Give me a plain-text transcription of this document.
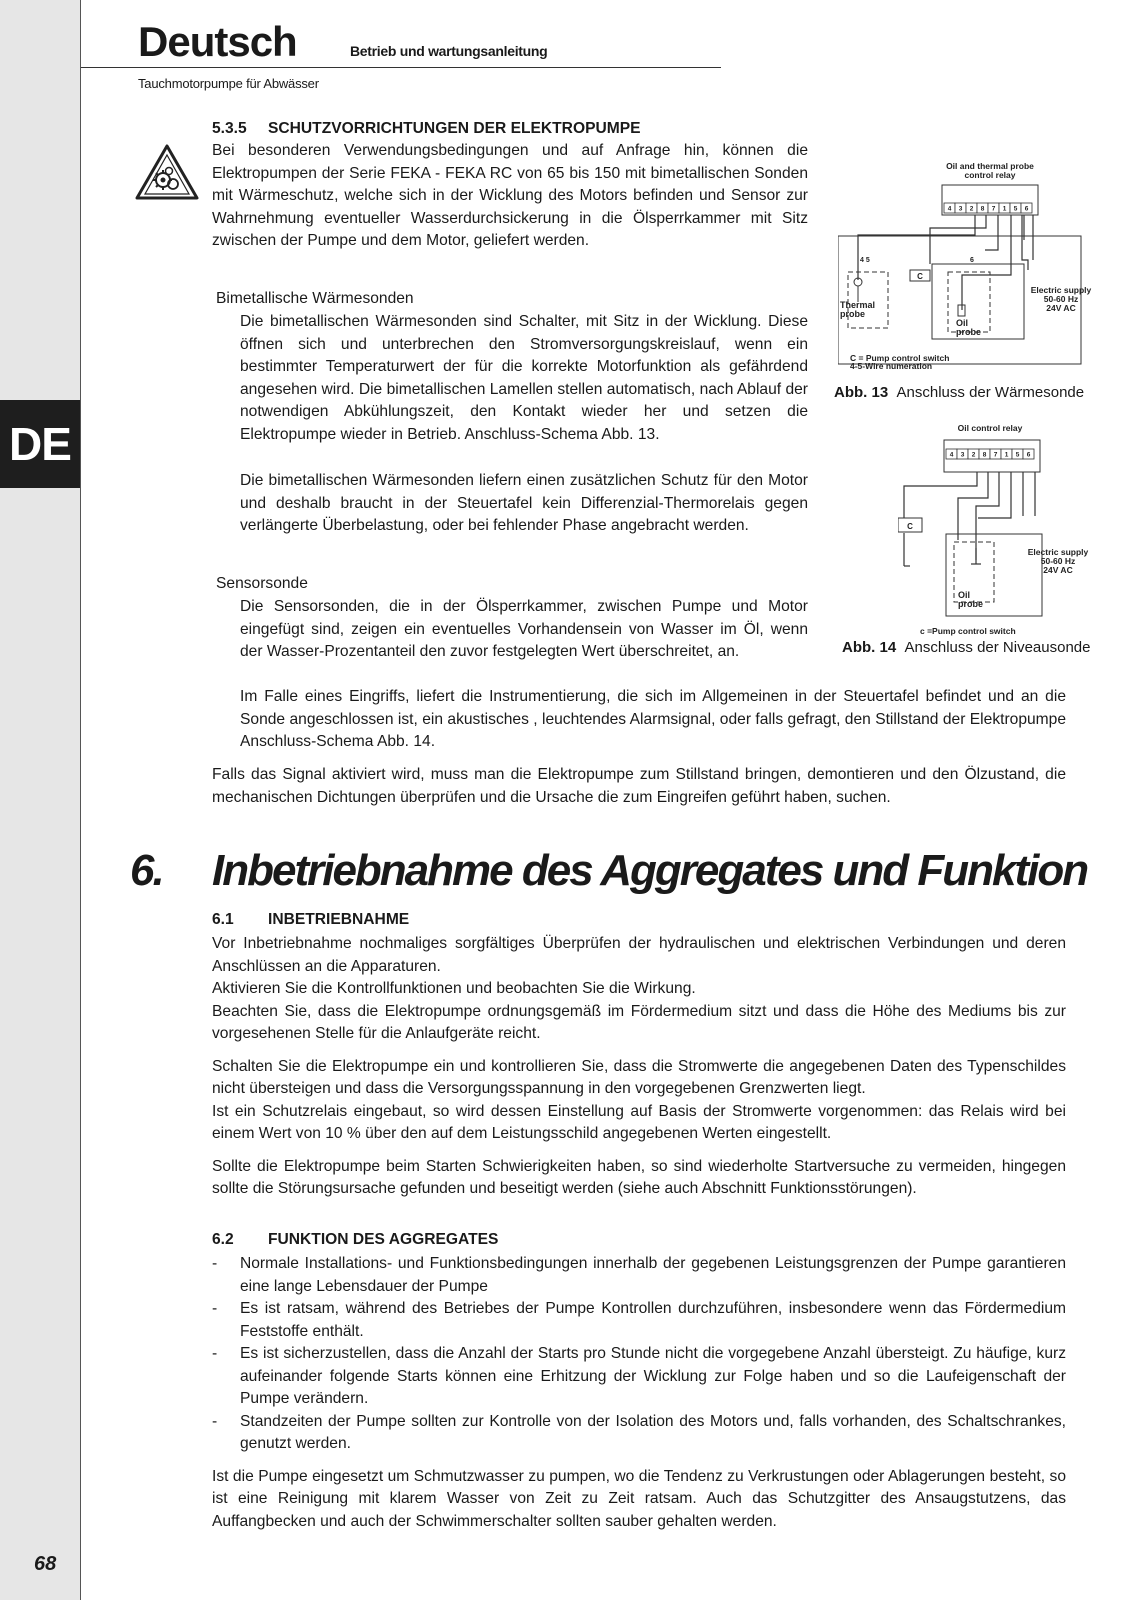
DE
68
Deutsch	Betrieb und wartungsanleitung
Tauchmotorpumpe für Abwässer
5.3.5 SCHUTZVORRICHTUNGEN DER ELEKTROPUMPE

Bei besonderen Verwendungsbedingungen und auf Anfrage hin, können die Elektropumpen der Serie FEKA - FEKA RC von 65 bis 150 mit bimetallischen Sonden mit Wärmeschutz, welche sich in der Wicklung des Motors befinden und Sensor zur Wahrnehmung eventueller Wasserdurchsickerung in die Ölsperrkammer mit Sitz zwischen der Pumpe und dem Motor, geliefert werden.

Bimetallische Wärmesonden

Die bimetallischen Wärmesonden sind Schalter, mit Sitz in der Wicklung. Diese öffnen sich und unterbrechen den Stromversorgungskreislauf, wenn ein bestimmter Temperaturwert der für die korrekte Motorfunktion als gefährdend angesehen wird. Die bimetallischen Lamellen stellen automatisch, nach Ablauf der notwendigen Abkühlungszeit, den Kontakt wieder her und setzen die Elektropumpe wieder in Betrieb. Anschluss-Schema Abb. 13.

Die bimetallischen Wärmesonden liefern einen zusätzlichen Schutz für den Motor und deshalb braucht in der Steuertafel kein Differenzial-Thermorelais gegen verlängerte Überbelastung, oder bei fehlender Phase angebracht werden.

Sensorsonde

Die Sensorsonden, die in der Ölsperrkammer, zwischen Pumpe und Motor eingefügt sind, zeigen ein eventuelles Vorhandensein von Wasser im Öl, wenn der Wasser-Prozentanteil den zuvor festgelegten Wert überschreitet, an.

Im Falle eines Eingriffs, liefert die Instrumentierung, die sich im Allgemeinen in der Steuertafel befindet und an die Sonde angeschlossen ist, ein akustisches , leuchtendes Alarmsignal, oder falls gefragt, den Stillstand der Elektropumpe Anschluss-Schema Abb. 14.

Falls das Signal aktiviert wird, muss man die Elektropumpe zum Stillstand bringen, demontieren und den Ölzustand, die mechanischen Dichtungen überprüfen und die Ursache die zum Eingreifen geführt haben, suchen.

Oil and thermal probe
control relay
4 3 2 8 7 1 5 6
4 5	6
C
Thermal
probe
Oil
probe
Electric supply
50-60 Hz
24V AC
C = Pump control switch
4-5-Wire numeration
Abb. 13 Anschluss der Wärmesonde
Oil control relay
4 3 2 8 7 1 5 6
C
Oil
probe
Electric supply
50-60 Hz
24V AC
c =Pump control switch
Abb. 14 Anschluss der Niveausonde
6. Inbetriebnahme des Aggregates und Funktion
6.1 INBETRIEBNAHME

Vor Inbetriebnahme nochmaliges sorgfältiges Überprüfen der hydraulischen und elektrischen Verbindungen und deren Anschlüssen an die Apparaturen.

Aktivieren Sie die Kontrollfunktionen und beobachten Sie die Wirkung.

Beachten Sie, dass die Elektropumpe ordnungsgemäß im Fördermedium sitzt und dass die Höhe des Mediums bis zur vorgesehenen Stelle für die Anlaufgeräte reicht.

Schalten Sie die Elektropumpe ein und kontrollieren Sie, dass die Stromwerte die angegebenen Daten des Typenschildes nicht übersteigen und dass die Versorgungsspannung in den vorgegebenen Grenzwerten liegt.

Ist ein Schutzrelais eingebaut, so wird dessen Einstellung auf Basis der Stromwerte vorgenommen: das Relais wird bei einem Wert von 10 % über den auf dem Leistungsschild angegebenen Werten eingestellt.

Sollte die Elektropumpe beim Starten Schwierigkeiten haben, so sind wiederholte Startversuche zu vermeiden, hingegen sollte die Störungsursache gefunden und beseitigt werden (siehe auch Abschnitt Funktionsstörungen).

6.2 FUNKTION DES AGGREGATES
- Normale Installations- und Funktionsbedingungen innerhalb der gegebenen Leistungsgrenzen der Pumpe garantieren eine lange Lebensdauer der Pumpe
- Es ist ratsam, während des Betriebes der Pumpe Kontrollen durchzuführen, insbesondere wenn das Fördermedium Feststoffe enthält.
- Es ist sicherzustellen, dass die Anzahl der Starts pro Stunde nicht die vorgegebene Anzahl übersteigt. Zu häufige, kurz aufeinander folgende Starts können eine Erhitzung der Wicklung zur Folge haben und so die Laufeigenschaft der Pumpe verändern.
- Standzeiten der Pumpe sollten zur Kontrolle von der Isolation des Motors und, falls vorhanden, des Schaltschrankes, genutzt werden.

Ist die Pumpe eingesetzt um Schmutzwasser zu pumpen, wo die Tendenz zu Verkrustungen oder Ablagerungen besteht, so ist eine Reinigung mit klarem Wasser von Zeit zu Zeit ratsam. Auch das Schutzgitter des Ansaugstutzens, das Auffangbecken und auch der Schwimmerschalter sollten sauber gehalten werden.
